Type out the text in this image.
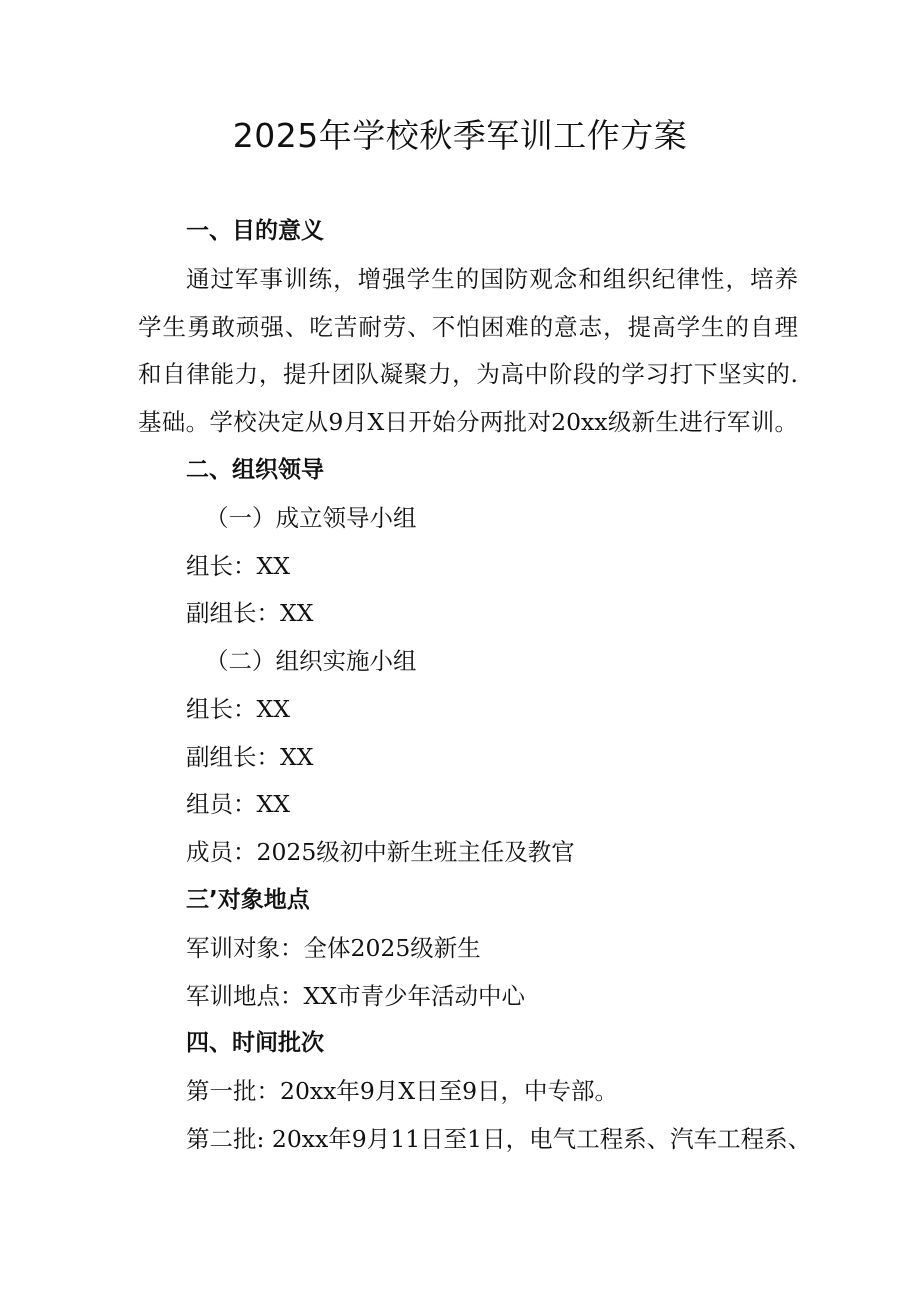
2025年学校秋季军训工作方案
一、目的意义
通过军事训练，增强学生的国防观念和组织纪律性，培养
学生勇敢顽强、吃苦耐劳、不怕困难的意志，提高学生的自理
和自律能力，提升团队凝聚力，为高中阶段的学习打下坚实的.
基础。学校决定从9月X日开始分两批对20xx级新生进行军训。
二、组织领导
（一）成立领导小组
组长：XX
副组长：XX
（二）组织实施小组
组长：XX
副组长：XX
组员：XX
成员：2025级初中新生班主任及教官
三’对象地点
军训对象：全体2025级新生
军训地点：XX市青少年活动中心
四、时间批次
第一批：20xx年9月X日至9日，中专部。
第二批: 20xx年9月11日至1日，电气工程系、汽车工程系、
